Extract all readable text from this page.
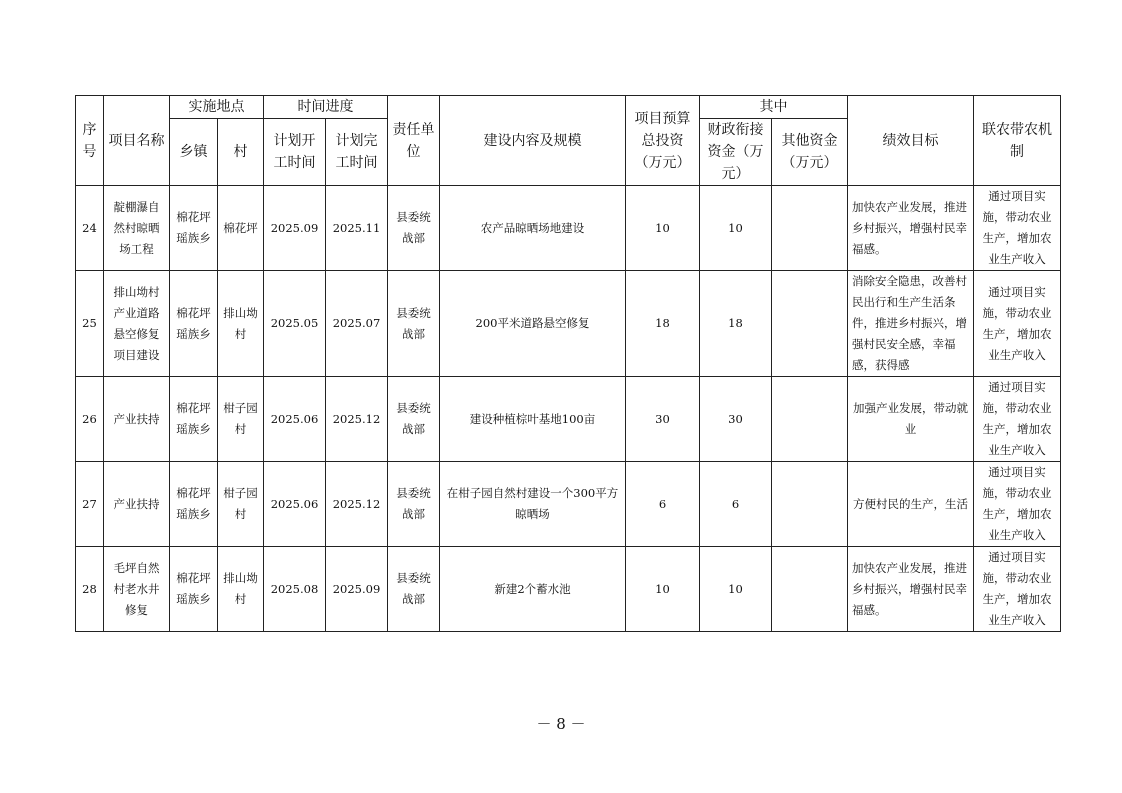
序号	项目名称	实施地点		时间进度		责任单位	建设内容及规模	项目预算总投资（万元）	其中		绩效目标	联农带农机制
		乡镇	村	计划开工时间	计划完工时间				财政衔接资金（万元）	其他资金（万元）		
24	靛棚瀑自然村晾晒场工程	棉花坪瑶族乡	棉花坪	2025.09	2025.11	县委统战部	农产品晾晒场地建设	10	10		加快农产业发展，推进乡村振兴，增强村民幸福感。	通过项目实施，带动农业生产，增加农业生产收入
25	排山坳村产业道路悬空修复项目建设	棉花坪瑶族乡	排山坳村	2025.05	2025.07	县委统战部	200平米道路悬空修复	18	18		消除安全隐患，改善村民出行和生产生活条件，推进乡村振兴，增强村民安全感，幸福感，获得感	通过项目实施，带动农业生产，增加农业生产收入
26	产业扶持	棉花坪瑶族乡	柑子园村	2025.06	2025.12	县委统战部	建设种植棕叶基地100亩	30	30		加强产业发展，带动就业	通过项目实施，带动农业生产，增加农业生产收入
27	产业扶持	棉花坪瑶族乡	柑子园村	2025.06	2025.12	县委统战部	在柑子园自然村建设一个300平方晾晒场	6	6		方便村民的生产，生活	通过项目实施，带动农业生产，增加农业生产收入
28	毛坪自然村老水井修复	棉花坪瑶族乡	排山坳村	2025.08	2025.09	县委统战部	新建2个蓄水池	10	10		加快农产业发展，推进乡村振兴，增强村民幸福感。	通过项目实施，带动农业生产，增加农业生产收入
－ 8 －
